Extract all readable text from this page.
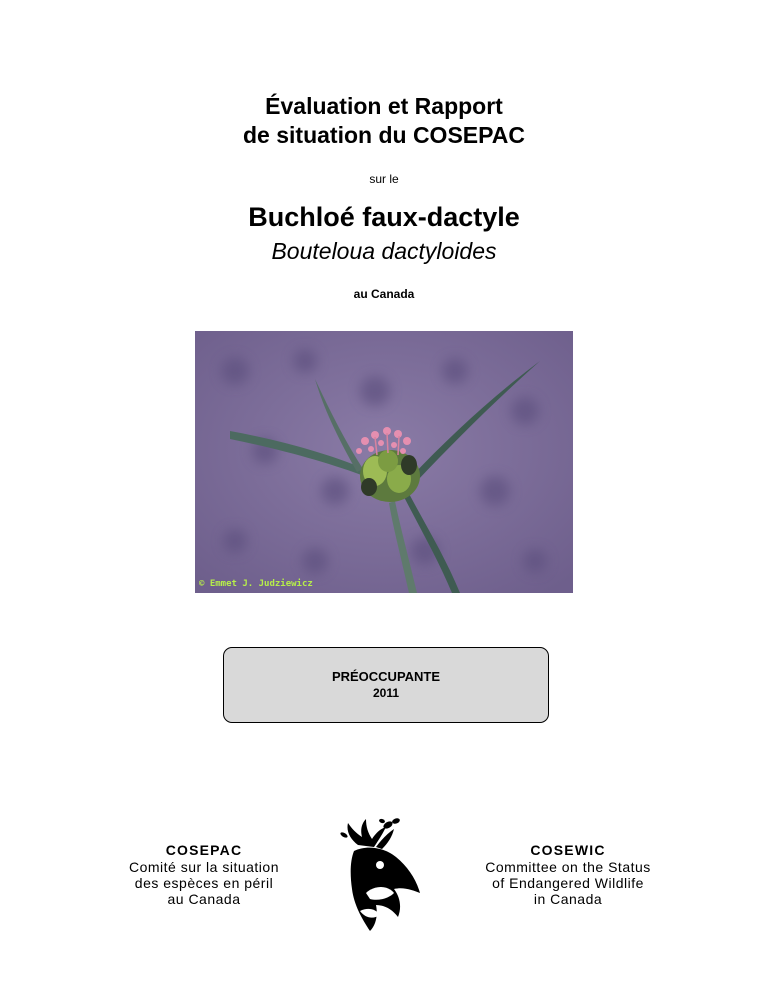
Évaluation et Rapport
de situation du COSEPAC
sur le
Buchloé faux-dactyle
Bouteloua dactyloides
au Canada
© Emmet J. Judziewicz
PRÉOCCUPANTE
2011
COSEPAC
Comité sur la situation
des espèces en péril
au Canada
COSEWIC
Committee on the Status
of Endangered Wildlife
in Canada
